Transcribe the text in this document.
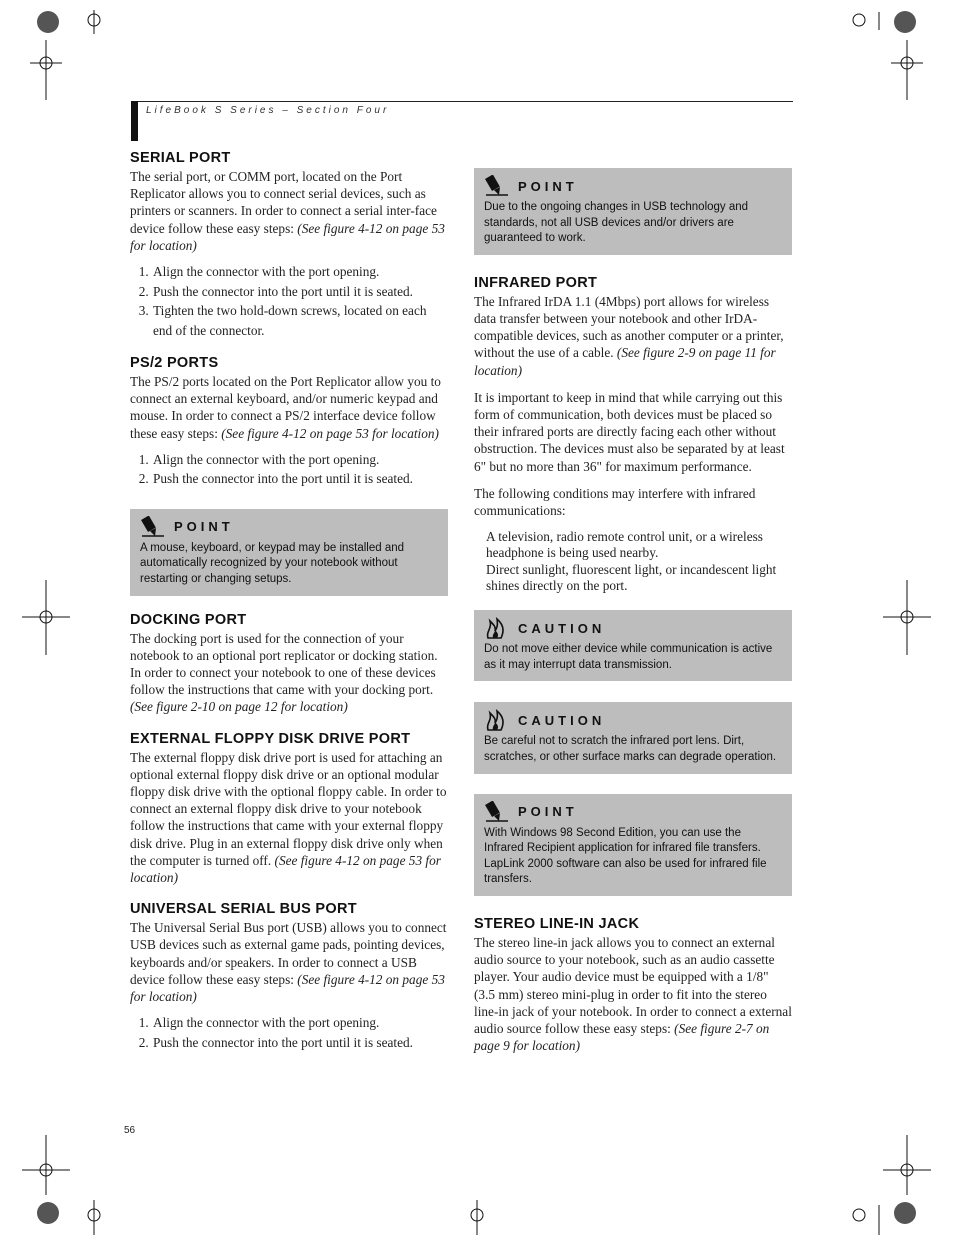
LifeBook S Series – Section Four
SERIAL PORT

The serial port, or COMM port, located on the Port Replicator allows you to connect serial devices, such as printers or scanners. In order to connect a serial inter-face device follow these easy steps: (See figure 4-12 on page 53 for location)

1. Align the connector with the port opening.
2. Push the connector into the port until it is seated.
3. Tighten the two hold-down screws, located on each end of the connector.
PS/2 PORTS

The PS/2 ports located on the Port Replicator allow you to connect an external keyboard, and/or numeric keypad and mouse. In order to connect a PS/2 interface device follow these easy steps: (See figure 4-12 on page 53 for location)

1. Align the connector with the port opening.
2. Push the connector into the port until it is seated.
POINT
A mouse, keyboard, or keypad may be installed and automatically recognized by your notebook without restarting or changing setups.
DOCKING PORT

The docking port is used for the connection of your notebook to an optional port replicator or docking station. In order to connect your notebook to one of these devices follow the instructions that came with your docking port. (See figure 2-10 on page 12 for location)

EXTERNAL FLOPPY DISK DRIVE PORT

The external floppy disk drive port is used for attaching an optional external floppy disk drive or an optional modular floppy disk drive with the optional floppy cable. In order to connect an external floppy disk drive to your notebook follow the instructions that came with your external floppy disk drive. Plug in an external floppy disk drive only when the computer is turned off. (See figure 4-12 on page 53 for location)

UNIVERSAL SERIAL BUS PORT

The Universal Serial Bus port (USB) allows you to connect USB devices such as external game pads, pointing devices, keyboards and/or speakers. In order to connect a USB device follow these easy steps: (See figure 4-12 on page 53 for location)

1. Align the connector with the port opening.
2. Push the connector into the port until it is seated.
POINT
Due to the ongoing changes in USB technology and standards, not all USB devices and/or drivers are guaranteed to work.
INFRARED PORT

The Infrared IrDA 1.1 (4Mbps) port allows for wireless data transfer between your notebook and other IrDA-compatible devices, such as another computer or a printer, without the use of a cable. (See figure 2-9 on page 11 for location)

It is important to keep in mind that while carrying out this form of communication, both devices must be placed so their infrared ports are directly facing each other without obstruction. The devices must also be separated by at least 6" but no more than 36" for maximum performance.

The following conditions may interfere with infrared communications:

A television, radio remote control unit, or a wireless headphone is being used nearby.
Direct sunlight, fluorescent light, or incandescent light shines directly on the port.
CAUTION
Do not move either device while communication is active as it may interrupt data transmission.
CAUTION
Be careful not to scratch the infrared port lens. Dirt, scratches, or other surface marks can degrade operation.
POINT
With Windows 98 Second Edition, you can use the Infrared Recipient application for infrared file transfers. LapLink 2000 software can also be used for infrared file transfers.
STEREO LINE-IN JACK

The stereo line-in jack allows you to connect an external audio source to your notebook, such as an audio cassette player. Your audio device must be equipped with a 1/8" (3.5 mm) stereo mini-plug in order to fit into the stereo line-in jack of your notebook. In order to connect a external audio source follow these easy steps: (See figure 2-7 on page 9 for location)

56
